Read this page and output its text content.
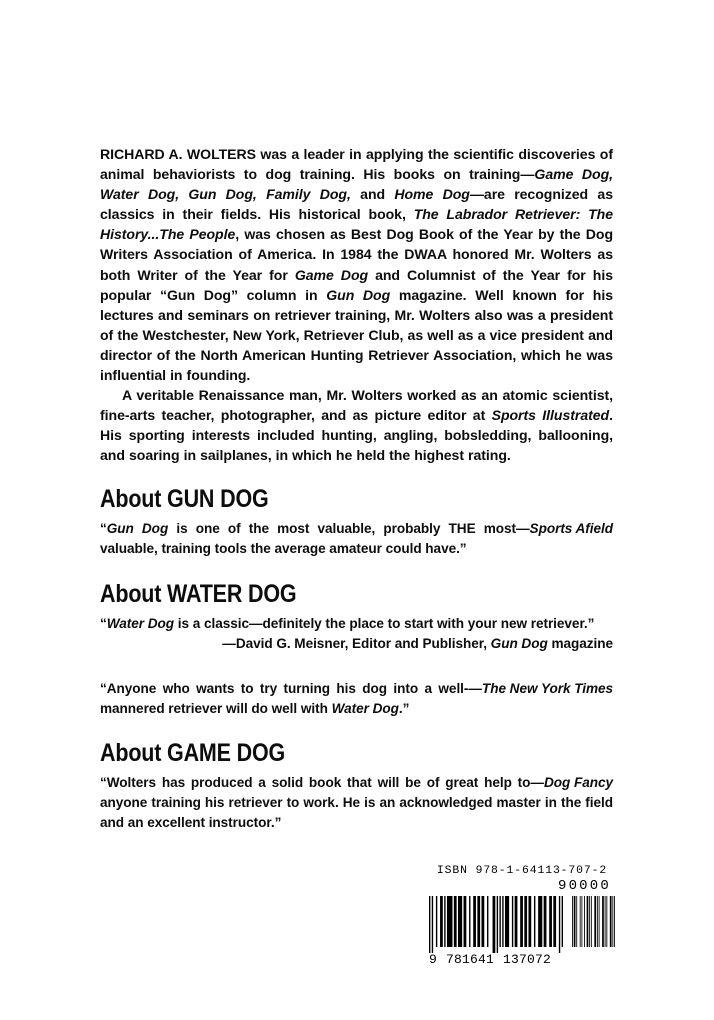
RICHARD A. WOLTERS was a leader in applying the scientific discoveries of animal behaviorists to dog training. His books on training—Game Dog, Water Dog, Gun Dog, Family Dog, and Home Dog—are recognized as classics in their fields. His historical book, The Labrador Retriever: The History...The People, was chosen as Best Dog Book of the Year by the Dog Writers Association of America. In 1984 the DWAA honored Mr. Wolters as both Writer of the Year for Game Dog and Columnist of the Year for his popular “Gun Dog” column in Gun Dog magazine. Well known for his lectures and seminars on retriever training, Mr. Wolters also was a president of the Westchester, New York, Retriever Club, as well as a vice president and director of the North American Hunting Retriever Association, which he was influential in founding.

A veritable Renaissance man, Mr. Wolters worked as an atomic scientist, fine-arts teacher, photographer, and as picture editor at Sports Illustrated. His sporting interests included hunting, angling, bobsledding, ballooning, and soaring in sailplanes, in which he held the highest rating.

About GUN DOG

—Sports Afield
“Gun Dog is one of the most valuable, probably THE most valuable, training tools the average amateur could have.”

About WATER DOG

“Water Dog is a classic—definitely the place to start with your new retriever.”
—David G. Meisner, Editor and Publisher, Gun Dog magazine

—The New York Times
“Anyone who wants to try turning his dog into a well-mannered retriever will do well with Water Dog.”

About GAME DOG

—Dog Fancy
“Wolters has produced a solid book that will be of great help to anyone training his retriever to work. He is an acknowledged master in the field and an excellent instructor.”

ISBN 978-1-64113-707-2
90000
9 781641 137072
